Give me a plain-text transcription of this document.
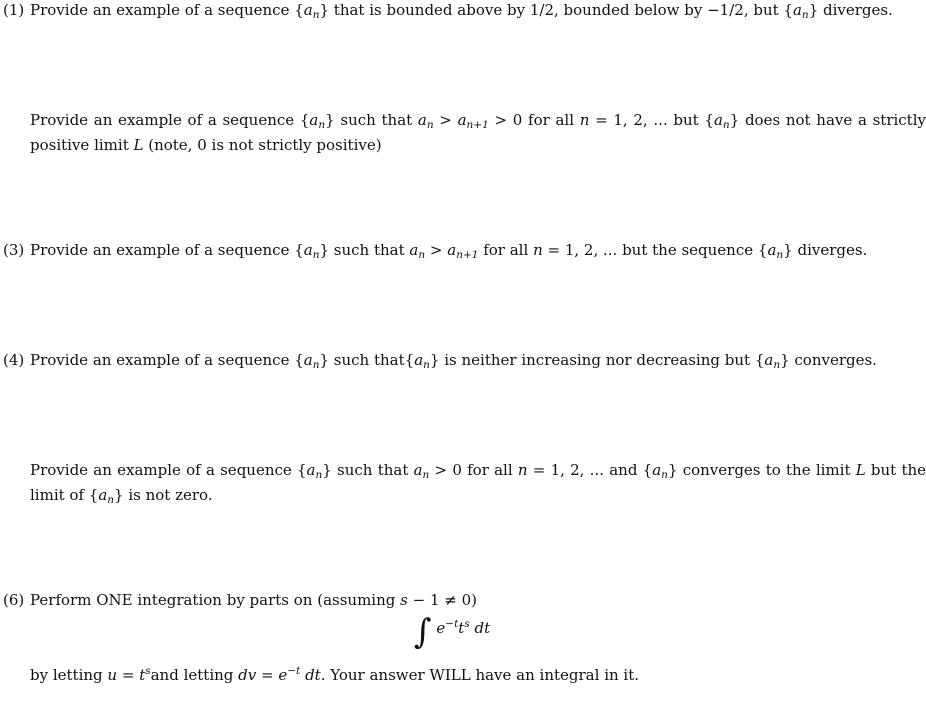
(1) Provide an example of a sequence $\{a_n\}$ that is bounded above by 1/2, bounded below by −1/2, but $\{a_n\}$ diverges.
Provide an example of a sequence $\{a_n\}$ such that $a_n > a_{n+1} > 0$ for all n = 1, 2, ... but $\{a_n\}$ does not have a strictly positive limit L (note, 0 is not strictly positive)
(3) Provide an example of a sequence $\{a_n\}$ such that $a_n > a_{n+1}$ for all n = 1, 2, ... but the sequence $\{a_n\}$ diverges.
(4) Provide an example of a sequence $\{a_n\}$ such $that\{a_n\}$ is neither increasing nor decreasing but $\{a_n\}$ converges.
Provide an example of a sequence $\{a_n\}$ such that $a_n > 0$ for all n = 1, 2, ... and $\{a_n\}$ converges to the limit L but the limit of $\{a_n\}$ is not zero.
(6) Perform ONE integration by parts on (assuming s − 1 ≠ 0)
∫ $e^{-t}t^s$ dt
by letting $u = t^sand$ letting dv = $e^{-t}$ dt. Your answer WILL have an integral in it.
